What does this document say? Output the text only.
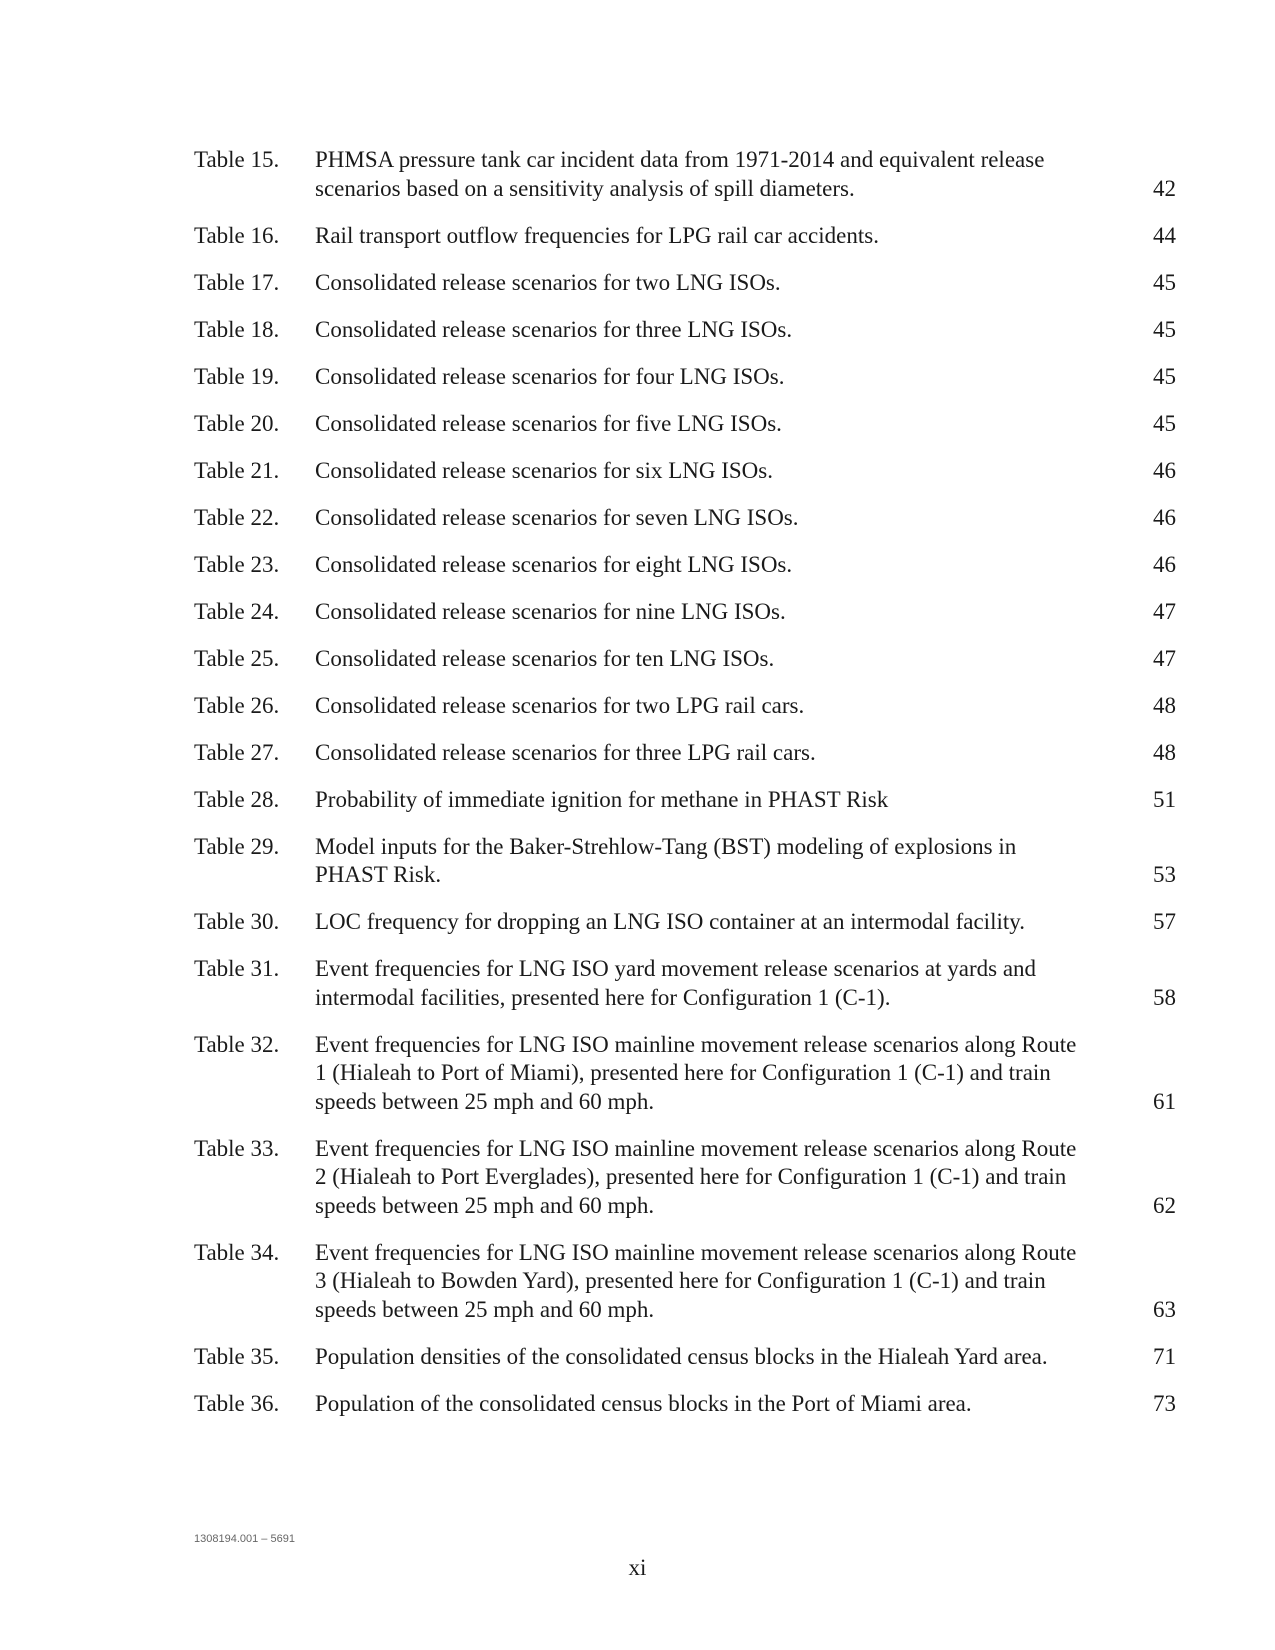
Table 15.	PHMSA pressure tank car incident data from 1971-2014 and equivalent release scenarios based on a sensitivity analysis of spill diameters.	42
Table 16.	Rail transport outflow frequencies for LPG rail car accidents.	44
Table 17.	Consolidated release scenarios for two LNG ISOs.	45
Table 18.	Consolidated release scenarios for three LNG ISOs.	45
Table 19.	Consolidated release scenarios for four LNG ISOs.	45
Table 20.	Consolidated release scenarios for five LNG ISOs.	45
Table 21.	Consolidated release scenarios for six LNG ISOs.	46
Table 22.	Consolidated release scenarios for seven LNG ISOs.	46
Table 23.	Consolidated release scenarios for eight LNG ISOs.	46
Table 24.	Consolidated release scenarios for nine LNG ISOs.	47
Table 25.	Consolidated release scenarios for ten LNG ISOs.	47
Table 26.	Consolidated release scenarios for two LPG rail cars.	48
Table 27.	Consolidated release scenarios for three LPG rail cars.	48
Table 28.	Probability of immediate ignition for methane in PHAST Risk	51
Table 29.	Model inputs for the Baker-Strehlow-Tang (BST) modeling of explosions in PHAST Risk.	53
Table 30.	LOC frequency for dropping an LNG ISO container at an intermodal facility.	57
Table 31.	Event frequencies for LNG ISO yard movement release scenarios at yards and intermodal facilities, presented here for Configuration 1 (C-1).	58
Table 32.	Event frequencies for LNG ISO mainline movement release scenarios along Route 1 (Hialeah to Port of Miami), presented here for Configuration 1 (C-1) and train speeds between 25 mph and 60 mph.	61
Table 33.	Event frequencies for LNG ISO mainline movement release scenarios along Route 2 (Hialeah to Port Everglades), presented here for Configuration 1 (C-1) and train speeds between 25 mph and 60 mph.	62
Table 34.	Event frequencies for LNG ISO mainline movement release scenarios along Route 3 (Hialeah to Bowden Yard), presented here for Configuration 1 (C-1) and train speeds between 25 mph and 60 mph.	63
Table 35.	Population densities of the consolidated census blocks in the Hialeah Yard area.	71
Table 36.	Population of the consolidated census blocks in the Port of Miami area.	73
1308194.001 – 5691
xi
